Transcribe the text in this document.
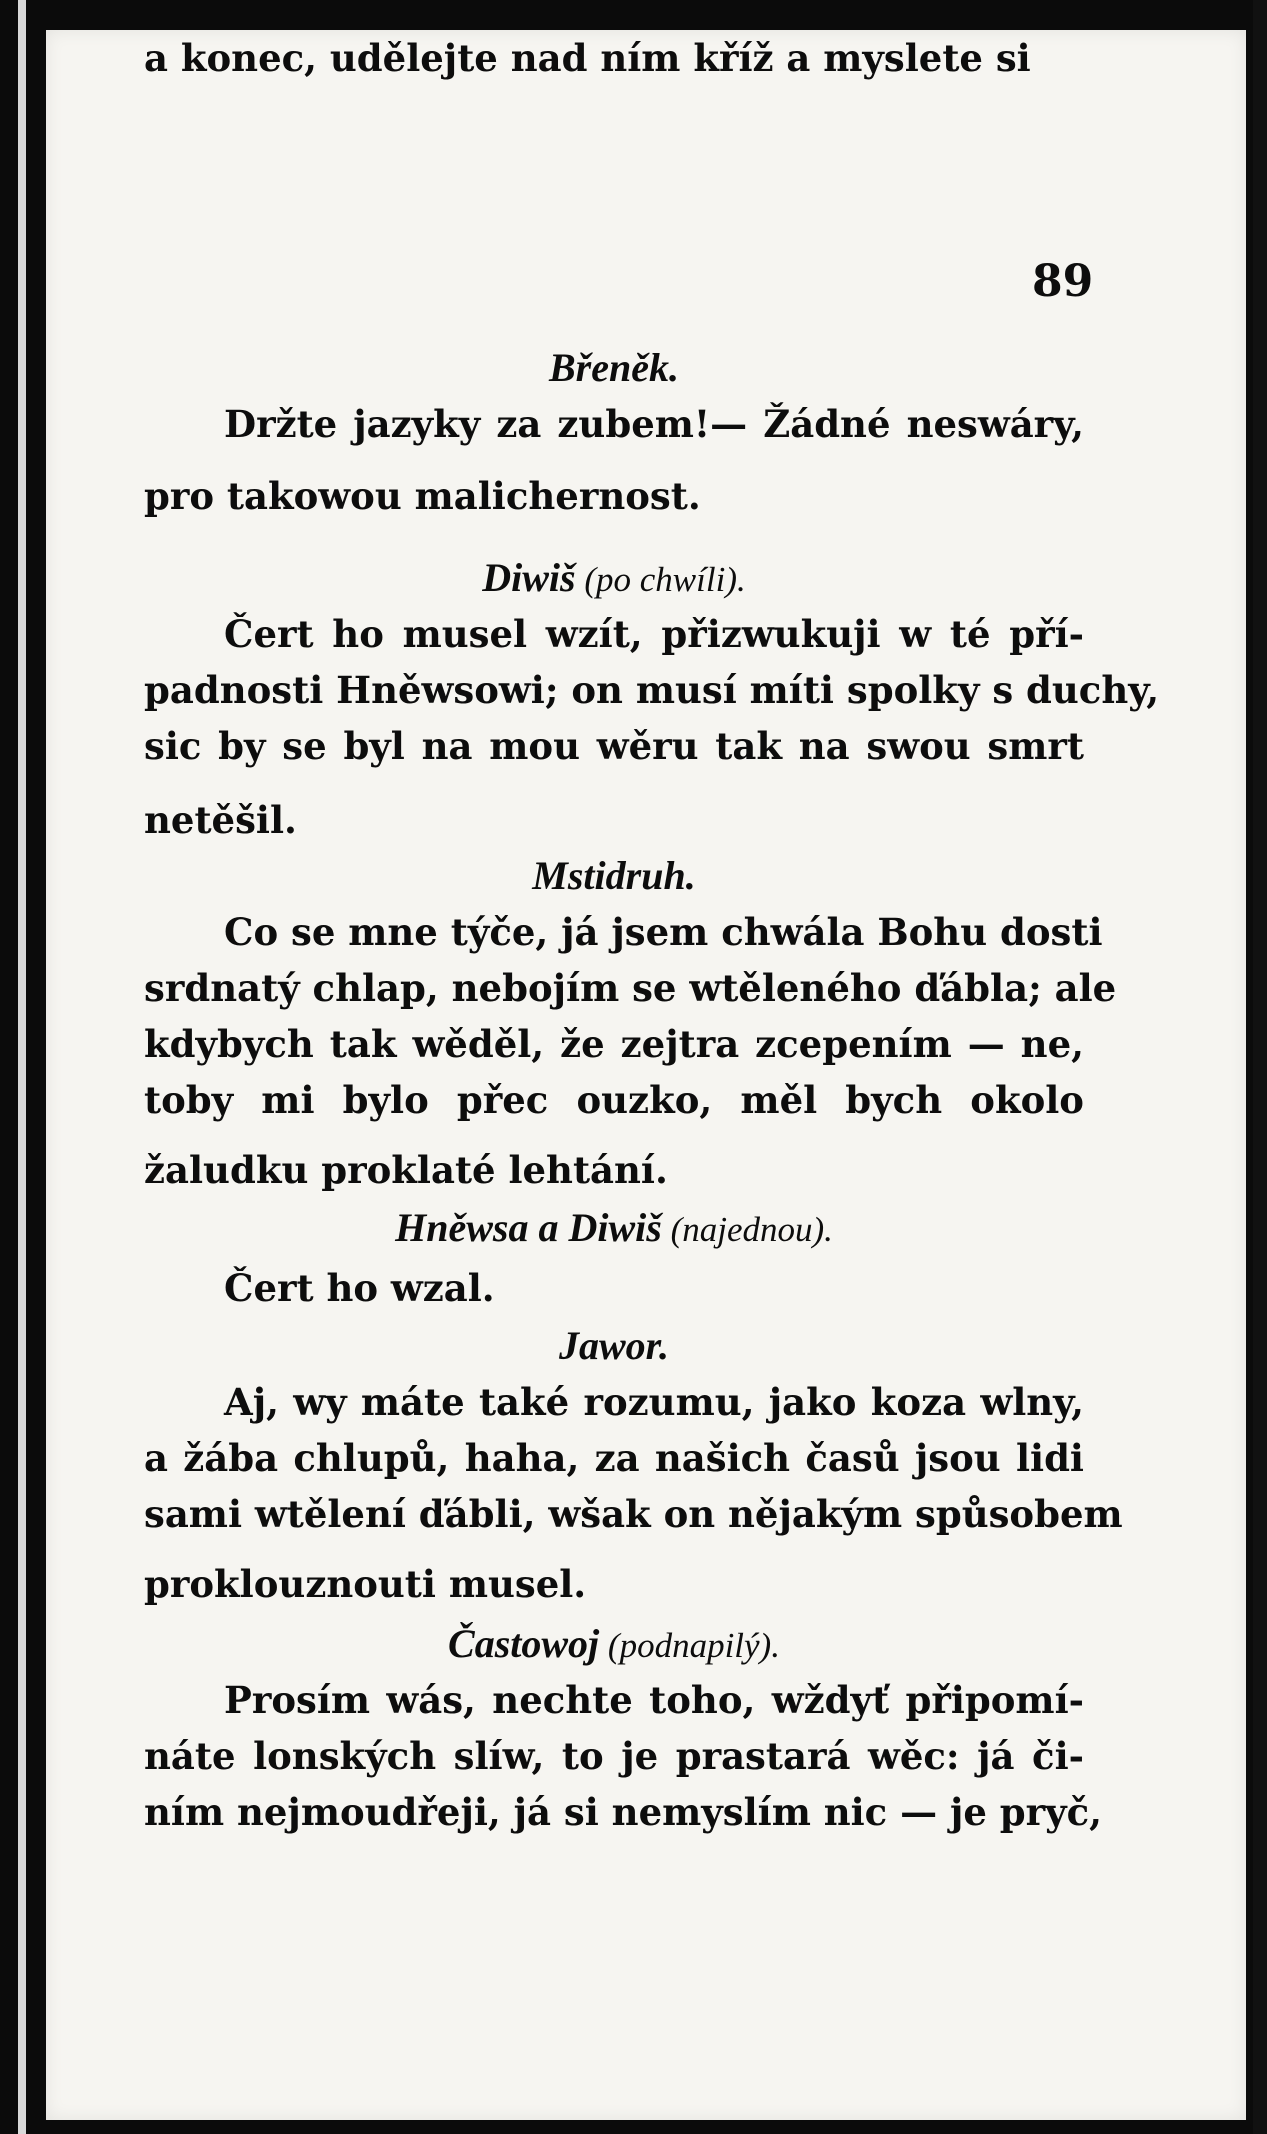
89
Břeněk.
Držte jazyky za zubem!— Žádné neswáry,
pro takowou malichernost.
Diwiš (po chwíli).
Čert ho musel wzít, přizwukuji w té pří-
padnosti Hněwsowi; on musí míti spolky s duchy,
sic by se byl na mou wěru tak na swou smrt
netěšil.
Mstidruh.
Co se mne týče, já jsem chwála Bohu dosti
srdnatý chlap, nebojím se wtěleného ďábla; ale
kdybych tak wěděl, že zejtra zcepením — ne,
toby mi bylo přec ouzko, měl bych okolo
žaludku proklaté lehtání.
Hněwsa a Diwiš (najednou).
Čert ho wzal.
Jawor.
Aj, wy máte také rozumu, jako koza wlny,
a žába chlupů, haha, za našich časů jsou lidi
sami wtělení ďábli, wšak on nějakým spůsobem
proklouznouti musel.
Častowoj (podnapilý).
Prosím wás, nechte toho, wždyť připomí-
náte lonských slíw, to je prastará wěc: já či-
ním nejmoudřeji, já si nemyslím nic — je pryč,
a konec, udělejte nad ním kříž a myslete si
